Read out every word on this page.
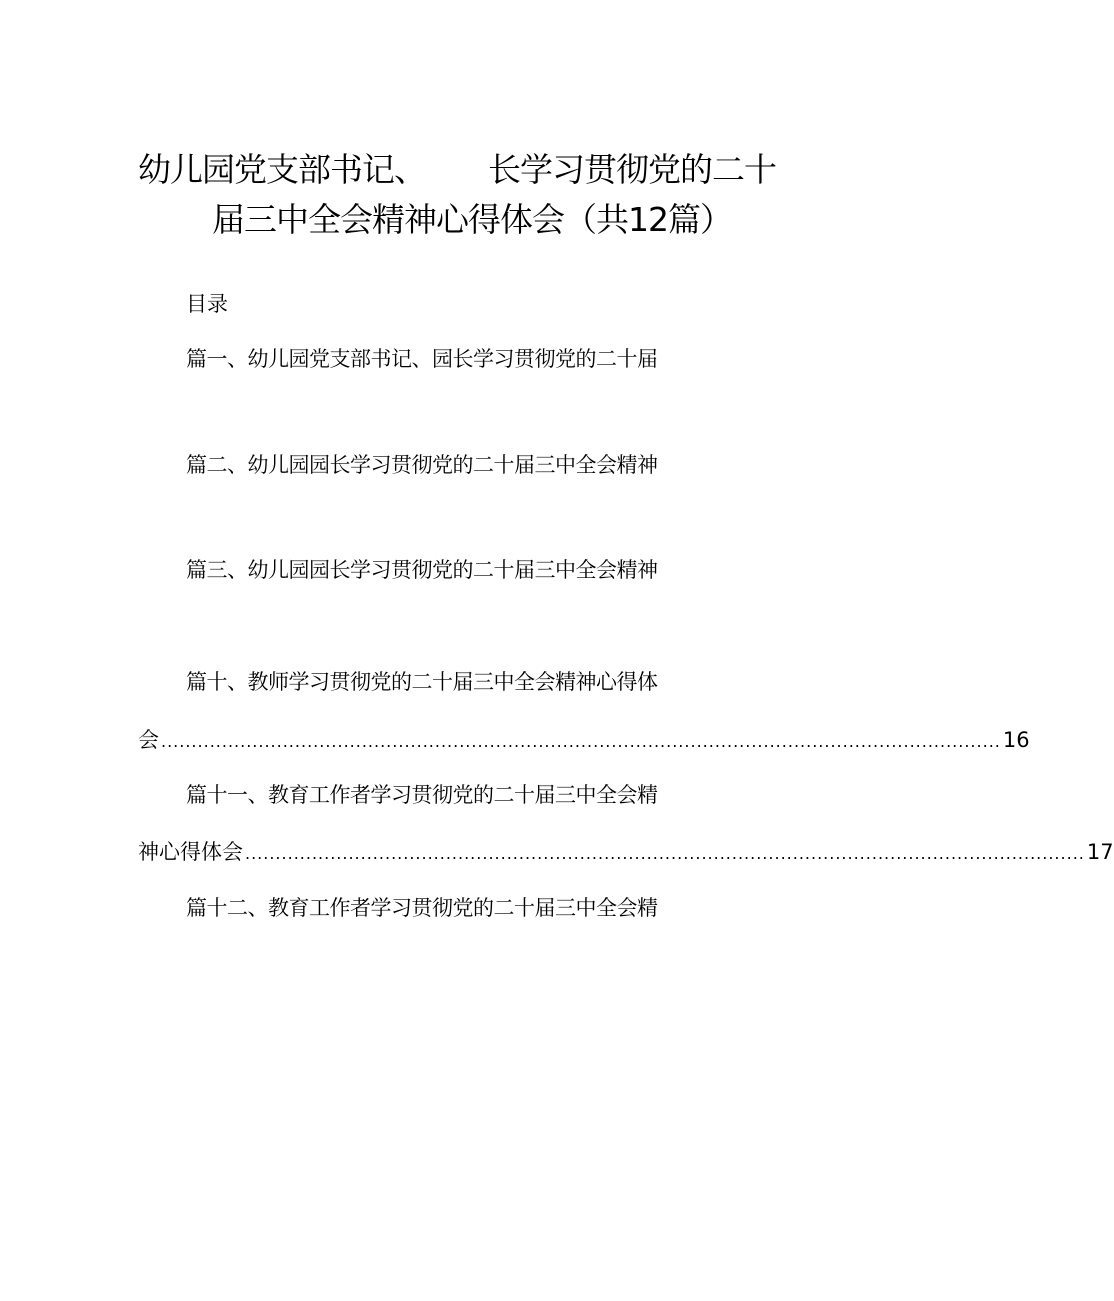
幼儿园党支部书记、 长学习贯彻党的二十
届三中全会精神心得体会（共12篇）
目录
篇一、幼儿园党支部书记、园长学习贯彻党的二十届
篇二、幼儿园园长学习贯彻党的二十届三中全会精神
篇三、幼儿园园长学习贯彻党的二十届三中全会精神
篇十、教师学习贯彻党的二十届三中全会精神心得体
会 .......................................................................................................................................... 16
篇十一、教育工作者学习贯彻党的二十届三中全会精
神心得体会 .......................................................................................................................................... 17
篇十二、教育工作者学习贯彻党的二十届三中全会精
